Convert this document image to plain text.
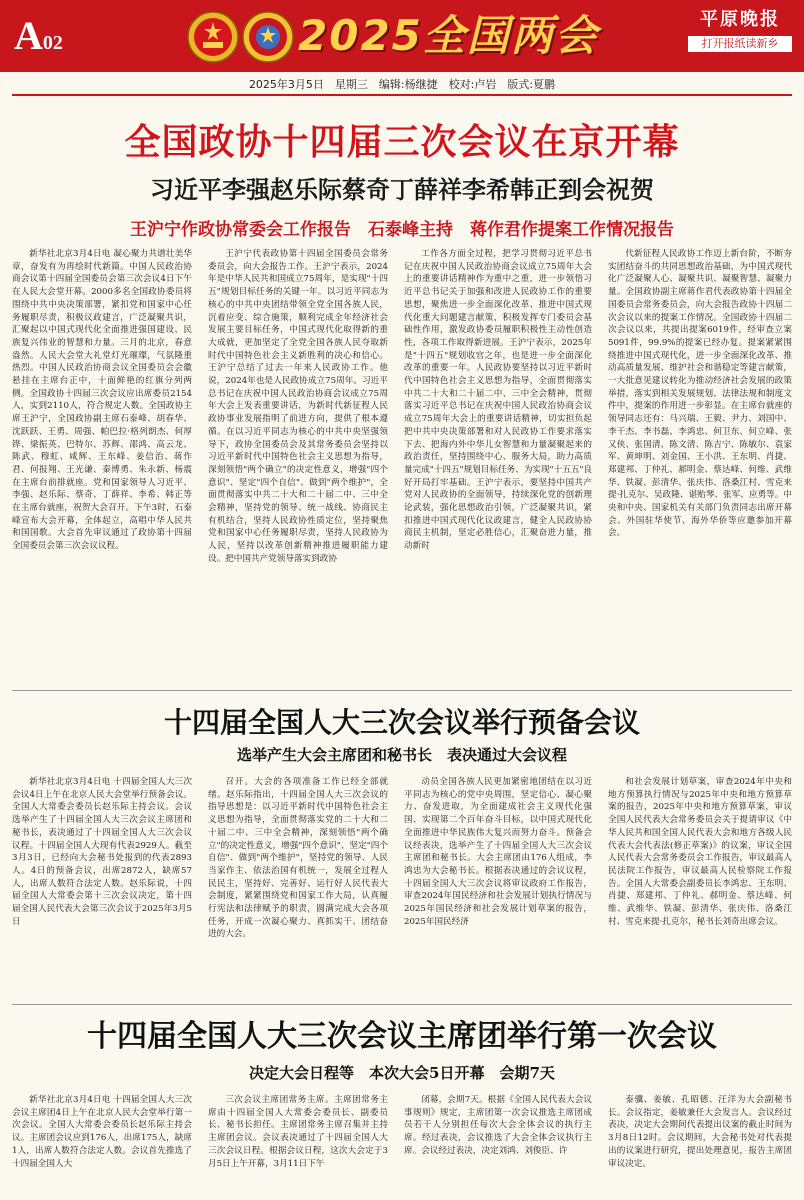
A02	2025全国两会	平原晚报
打开报纸读新乡
2025年3月5日　星期三　编辑:杨继捷　校对:卢岩　版式:夏鹏
全国政协十四届三次会议在京开幕
习近平李强赵乐际蔡奇丁薛祥李希韩正到会祝贺
王沪宁作政协常委会工作报告　石泰峰主持　蒋作君作提案工作情况报告

新华社北京3月4日电 凝心聚力共谱壮美华章，奋发有为再绘时代新篇。中国人民政治协商会议第十四届全国委员会第三次会议4日下午在人民大会堂开幕。2000多名全国政协委员将围绕中共中央决策部署，紧扣党和国家中心任务履职尽责，积极议政建言，广泛凝聚共识，汇聚起以中国式现代化全面推进强国建设、民族复兴伟业的智慧和力量。三月的北京，春意盎然。人民大会堂大礼堂灯光璀璨，气氛隆重热烈。中国人民政治协商会议全国委员会会徽悬挂在主席台正中，十面鲜艳的红旗分列两侧。全国政协十四届三次会议应出席委员2154人，实到2110人，符合规定人数。全国政协主席王沪宁，全国政协副主席石泰峰、胡春华、沈跃跃、王勇、周强、帕巴拉·格列朗杰、何厚铧、梁振英、巴特尔、苏辉、邵鸿、高云龙、陈武、穆虹、咸辉、王东峰、姜信治、蒋作君、何报翔、王光谦、秦博勇、朱永新、杨震在主席台前排就座。党和国家领导人习近平、李强、赵乐际、蔡奇、丁薛祥、李希、韩正等在主席台就座，祝贺大会召开。下午3时，石泰峰宣布大会开幕，全体起立，高唱中华人民共和国国歌。大会首先审议通过了政协第十四届全国委员会第三次会议议程。

王沪宁代表政协第十四届全国委员会常务委员会，向大会报告工作。王沪宁表示，2024年是中华人民共和国成立75周年，是实现"十四五"规划目标任务的关键一年。以习近平同志为核心的中共中央团结带领全党全国各族人民，沉着应变、综合施策，顺利完成全年经济社会发展主要目标任务，中国式现代化取得新的重大成就，更加坚定了全党全国各族人民夺取新时代中国特色社会主义新胜利的决心和信心。王沪宁总结了过去一年来人民政协工作。他说，2024年也是人民政协成立75周年。习近平总书记在庆祝中国人民政治协商会议成立75周年大会上发表重要讲话，为新时代新征程人民政协事业发展指明了前进方向，提供了根本遵循。在以习近平同志为核心的中共中央坚强领导下，政协全国委员会及其常务委员会坚持以习近平新时代中国特色社会主义思想为指导，深刻领悟"两个确立"的决定性意义，增强"四个意识"、坚定"四个自信"、做到"两个维护"，全面贯彻落实中共二十大和二十届二中、三中全会精神，坚持党的领导、统一战线、协商民主有机结合，坚持人民政协性质定位，坚持聚焦党和国家中心任务履职尽责，坚持人民政协为人民，坚持以改革创新精神推进履职能力建设。把中国共产党领导落实到政协

工作各方面全过程，把学习贯彻习近平总书记在庆祝中国人民政治协商会议成立75周年大会上的重要讲话精神作为重中之重，进一步领悟习近平总书记关于加强和改进人民政协工作的重要思想，聚焦进一步全面深化改革、推进中国式现代化重大问题建言献策，积极发挥专门委员会基础性作用，激发政协委员履职积极性主动性创造性，各项工作取得新进展。王沪宁表示，2025年是"十四五"规划收官之年，也是进一步全面深化改革的重要一年。人民政协要坚持以习近平新时代中国特色社会主义思想为指导，全面贯彻落实中共二十大和二十届二中、三中全会精神，贯彻落实习近平总书记在庆祝中国人民政治协商会议成立75周年大会上的重要讲话精神，切实担负起把中共中央决策部署和对人民政协工作要求落实下去、把海内外中华儿女智慧和力量凝聚起来的政治责任，坚持围绕中心、服务大局，助力高质量完成"十四五"规划目标任务、为实现"十五五"良好开局打牢基础。王沪宁表示，要坚持中国共产党对人民政协的全面领导，持续深化党的创新理论武装，强化思想政治引领，广泛凝聚共识，紧扣推进中国式现代化议政建言，健全人民政协协商民主机制，坚定必胜信心，汇聚奋进力量，推动新时

代新征程人民政协工作迈上新台阶，不断夯实团结奋斗的共同思想政治基础，为中国式现代化广泛凝聚人心、凝聚共识、凝聚智慧、凝聚力量。全国政协副主席蒋作君代表政协第十四届全国委员会常务委员会，向大会报告政协十四届二次会议以来的提案工作情况。全国政协十四届二次会议以来，共提出提案6019件，经审查立案5091件，99.9%的提案已经办复。提案紧紧围绕推进中国式现代化，进一步全面深化改革、推动高质量发展、维护社会和谐稳定等建言献策，一大批意见建议转化为推动经济社会发展的政策举措，落实到相关发展规划、法律法规和制度文件中，提案的作用进一步彰显。在主席台就座的领导同志还有：马兴瑞、王毅、尹力、刘国中、李干杰、李书磊、李鸿忠、何卫东、何立峰、张又侠、张国清、陈文清、陈吉宁、陈敏尔、袁家军、黄坤明、刘金国、王小洪、王东明、肖捷、郑建邦、丁仲礼、郝明金、蔡达峰、何维、武维华、铁凝、彭清华、张庆伟、洛桑江村、雪克来提·扎克尔、吴政隆、谌贻琴、张军、应勇等。中央和中央、国家机关有关部门负责同志出席开幕会。外国驻华使节、海外华侨等应邀参加开幕会。

十四届全国人大三次会议举行预备会议
选举产生大会主席团和秘书长　表决通过大会议程

新华社北京3月4日电 十四届全国人大三次会议4日上午在北京人民大会堂举行预备会议。全国人大常委会委员长赵乐际主持会议。会议选举产生了十四届全国人大三次会议主席团和秘书长，表决通过了十四届全国人大三次会议议程。十四届全国人大现有代表2929人。截至3月3日，已经向大会秘书处报到的代表2893人。4日的预备会议，出席2872人，缺席57人，出席人数符合法定人数。赵乐际说，十四届全国人大常委会第十三次会议决定，第十四届全国人民代表大会第三次会议于2025年3月5日

召开。大会的各项准备工作已经全部就绪。赵乐际指出，十四届全国人大三次会议的指导思想是：以习近平新时代中国特色社会主义思想为指导，全面贯彻落实党的二十大和二十届二中、三中全会精神，深刻领悟"两个确立"的决定性意义，增强"四个意识"、坚定"四个自信"、做到"两个维护"，坚持党的领导、人民当家作主、依法治国有机统一，发展全过程人民民主，坚持好、完善好、运行好人民代表大会制度，紧紧围绕党和国家工作大局，认真履行宪法和法律赋予的职责，圆满完成大会各项任务，开成一次凝心聚力、真抓实干、团结奋进的大会。

动员全国各族人民更加紧密地团结在以习近平同志为核心的党中央周围，坚定信心、凝心聚力、奋发进取，为全面建成社会主义现代化强国、实现第二个百年奋斗目标，以中国式现代化全面推进中华民族伟大复兴而努力奋斗。预备会议经表决，选举产生了十四届全国人大三次会议主席团和秘书长。大会主席团由176人组成，李鸿忠为大会秘书长。根据表决通过的会议议程，十四届全国人大三次会议将审议政府工作报告，审查2024年国民经济和社会发展计划执行情况与2025年国民经济和社会发展计划草案的报告，2025年国民经济

和社会发展计划草案，审查2024年中央和地方预算执行情况与2025年中央和地方预算草案的报告，2025年中央和地方预算草案，审议全国人民代表大会常务委员会关于提请审议《中华人民共和国全国人民代表大会和地方各级人民代表大会代表法(修正草案)》的议案，审议全国人民代表大会常务委员会工作报告，审议最高人民法院工作报告，审议最高人民检察院工作报告。全国人大常委会副委员长李鸿忠、王东明、肖捷、郑建邦、丁仲礼、郝明金、蔡达峰、何维、武维华、铁凝、彭清华、张庆伟、洛桑江村、雪克来提·扎克尔，秘书长刘奇出席会议。

十四届全国人大三次会议主席团举行第一次会议
决定大会日程等　本次大会5日开幕　会期7天

新华社北京3月4日电 十四届全国人大三次会议主席团4日上午在北京人民大会堂举行第一次会议。全国人大常委会委员长赵乐际主持会议。主席团会议应到176人，出席175人，缺席1人，出席人数符合法定人数。会议首先推选了十四届全国人大

三次会议主席团常务主席。主席团常务主席由十四届全国人大常委会委员长、副委员长、秘书长担任。主席团常务主席召集并主持主席团会议。会议表决通过了十四届全国人大三次会议日程。根据会议日程，这次大会定于3月5日上午开幕，3月11日下午

闭幕，会期7天。根据《全国人民代表大会议事规则》规定，主席团第一次会议推选主席团成员若干人分别担任每次大会全体会议的执行主席。经过表决，会议推选了大会全体会议执行主席。会议经过表决，决定刘鸿、刘俊臣、许

泰骥、姜敏、孔昭德、汪洋为大会副秘书长。会议指定，姜敏兼任大会发言人。会议经过表决，决定大会期间代表提出议案的截止时间为3月8日12时。会议期间，大会秘书处对代表提出的议案进行研究，提出处理意见，报告主席团审议决定。
